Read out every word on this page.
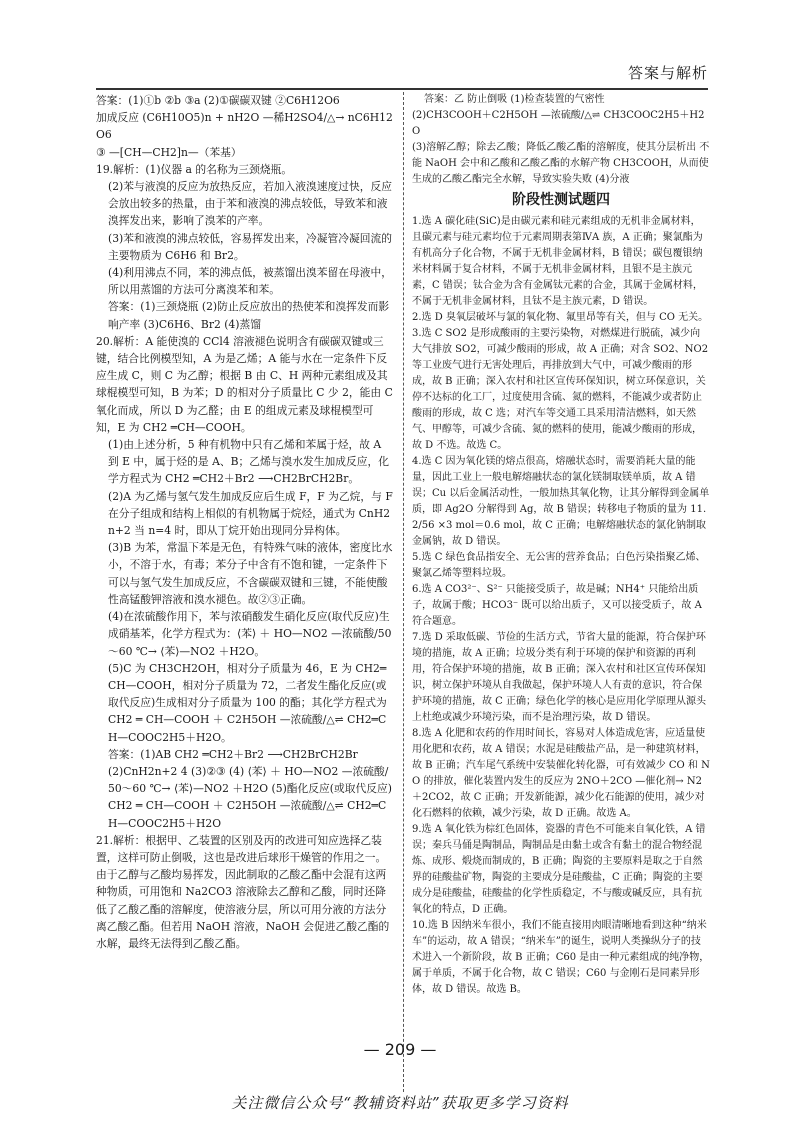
答案与解析

答案：(1)①b ②b ③a (2)①碳碳双键 ②C6H12O6

加成反应 (C6H10O5)n + nH2O —稀H2SO4/△→ nC6H12O6

③ —[CH—CH2]n—（苯基）

19.解析：(1)仪器 a 的名称为三颈烧瓶。

(2)苯与液溴的反应为放热反应，若加入液溴速度过快，反应会放出较多的热量，由于苯和液溴的沸点较低，导致苯和液溴挥发出来，影响了溴苯的产率。

(3)苯和液溴的沸点较低，容易挥发出来，冷凝管冷凝回流的主要物质为 C6H6 和 Br2。

(4)利用沸点不同，苯的沸点低，被蒸馏出溴苯留在母液中，所以用蒸馏的方法可分离溴苯和苯。

答案：(1)三颈烧瓶 (2)防止反应放出的热使苯和溴挥发而影响产率 (3)C6H6、Br2 (4)蒸馏

20.解析：A 能使溴的 CCl4 溶液褪色说明含有碳碳双键或三键，结合比例模型知，A 为是乙烯；A 能与水在一定条件下反应生成 C，则 C 为乙醇；根据 B 由 C、H 两种元素组成及其球棍模型可知，B 为苯；D 的相对分子质量比 C 少 2，能由 C 氧化而成，所以 D 为乙醛；由 E 的组成元素及球棍模型可知，E 为 CH2 ═CH—COOH。

(1)由上述分析，5 种有机物中只有乙烯和苯属于烃，故 A 到 E 中，属于烃的是 A、B；乙烯与溴水发生加成反应，化学方程式为 CH2 ═CH2＋Br2 ⟶CH2BrCH2Br。

(2)A 为乙烯与氢气发生加成反应后生成 F，F 为乙烷，与 F 在分子组成和结构上相似的有机物属于烷烃，通式为 CnH2n+2 当 n=4 时，即从丁烷开始出现同分异构体。

(3)B 为苯，常温下苯是无色，有特殊气味的液体，密度比水小，不溶于水，有毒；苯分子中含有不饱和键，一定条件下可以与氢气发生加成反应，不含碳碳双键和三键，不能使酸性高锰酸钾溶液和溴水褪色。故②③正确。

(4)在浓硫酸作用下，苯与浓硝酸发生硝化反应(取代反应)生成硝基苯，化学方程式为：⟨苯⟩ ＋ HO—NO2 —浓硫酸/50～60 ℃→ ⟨苯⟩—NO2 ＋H2O。

(5)C 为 CH3CH2OH，相对分子质量为 46，E 为 CH2═CH—COOH，相对分子质量为 72，二者发生酯化反应(或取代反应)生成相对分子质量为 100 的酯；其化学方程式为 CH2 ═ CH—COOH ＋ C2H5OH —浓硫酸/△⇌ CH2═CH—COOC2H5＋H2O。

答案：(1)AB CH2 ═CH2＋Br2 ⟶CH2BrCH2Br

(2)CnH2n+2 4 (3)②③ (4) ⟨苯⟩ ＋ HO—NO2 —浓硫酸/50～60 ℃→ ⟨苯⟩—NO2 ＋H2O (5)酯化反应(或取代反应) CH2 ═ CH—COOH ＋ C2H5OH —浓硫酸/△⇌ CH2═CH—COOC2H5＋H2O

21.解析：根据甲、乙装置的区别及丙的改进可知应选择乙装置，这样可防止倒吸，这也是改进后球形干燥管的作用之一。由于乙醇与乙酸均易挥发，因此制取的乙酸乙酯中会混有这两种物质，可用饱和 Na2CO3 溶液除去乙醇和乙酸，同时还降低了乙酸乙酯的溶解度，使溶液分层，所以可用分液的方法分离乙酸乙酯。但若用 NaOH 溶液，NaOH 会促进乙酸乙酯的水解，最终无法得到乙酸乙酯。

答案：乙 防止倒吸 (1)检查装置的气密性

(2)CH3COOH＋C2H5OH —浓硫酸/△⇌ CH3COOC2H5＋H2O

(3)溶解乙醇；除去乙酸；降低乙酸乙酯的溶解度，使其分层析出 不能 NaOH 会中和乙酸和乙酸乙酯的水解产物 CH3COOH，从而使生成的乙酸乙酯完全水解，导致实验失败 (4)分液

阶段性测试题四

1.选 A 碳化硅(SiC)是由碳元素和硅元素组成的无机非金属材料，且碳元素与硅元素均位于元素周期表第ⅣA 族，A 正确；聚氯酯为有机高分子化合物，不属于无机非金属材料，B 错误；碳包覆银纳米材料属于复合材料，不属于无机非金属材料，且银不是主族元素，C 错误；钛合金为含有金属钛元素的合金，其属于金属材料，不属于无机非金属材料，且钛不是主族元素，D 错误。

2.选 D 臭氧层破坏与氯的氧化物、氟里昂等有关，但与 CO 无关。

3.选 C SO2 是形成酸雨的主要污染物，对燃煤进行脱硫，减少向大气排放 SO2，可减少酸雨的形成，故 A 正确；对含 SO2、NO2 等工业废气进行无害处理后，再排放到大气中，可减少酸雨的形成，故 B 正确；深入农村和社区宣传环保知识，树立环保意识，关停不达标的化工厂，过度使用含硫、氮的燃料，不能减少或者防止酸雨的形成，故 C 选；对汽车等交通工具采用清洁燃料，如天然气、甲醇等，可减少含硫、氮的燃料的使用，能减少酸雨的形成，故 D 不选。故选 C。

4.选 C 因为氧化镁的熔点很高，熔融状态时，需要消耗大量的能量，因此工业上一般电解熔融状态的氯化镁制取镁单质，故 A 错误；Cu 以后金属活动性，一般加热其氧化物，让其分解得到金属单质，即 Ag2O 分解得到 Ag，故 B 错误；转移电子物质的量为 11.2/56 ×3 mol＝0.6 mol，故 C 正确；电解熔融状态的氯化钠制取金属钠，故 D 错误。

5.选 C 绿色食品指安全、无公害的营养食品；白色污染指聚乙烯、聚氯乙烯等塑料垃圾。

6.选 A CO3²⁻、S²⁻ 只能接受质子，故是碱；NH4⁺ 只能给出质子，故属于酸；HCO3⁻ 既可以给出质子，又可以接受质子，故 A 符合题意。

7.选 D 采取低碳、节俭的生活方式，节省大量的能源，符合保护环境的措施，故 A 正确；垃圾分类有利于环境的保护和资源的再利用，符合保护环境的措施，故 B 正确；深入农村和社区宣传环保知识，树立保护环境从自我做起，保护环境人人有责的意识，符合保护环境的措施，故 C 正确；绿色化学的核心是应用化学原理从源头上杜绝或减少环境污染，而不是治理污染，故 D 错误。

8.选 A 化肥和农药的作用时间长，容易对人体造成危害，应适量使用化肥和农药，故 A 错误；水泥是硅酸盐产品，是一种建筑材料，故 B 正确；汽车尾气系统中安装催化转化器，可有效减少 CO 和 NO 的排放，催化装置内发生的反应为 2NO＋2CO —催化剂→ N2＋2CO2，故 C 正确；开发新能源，减少化石能源的使用，减少对化石燃料的依赖，减少污染，故 D 正确。故选 A。

9.选 A 氧化铁为棕红色固体，瓷器的青色不可能来自氧化铁，A 错误；秦兵马俑是陶制品，陶制品是由黏土或含有黏土的混合物经混炼、成形、煅烧而制成的，B 正确；陶瓷的主要原料是取之于自然界的硅酸盐矿物，陶瓷的主要成分是硅酸盐，C 正确；陶瓷的主要成分是硅酸盐，硅酸盐的化学性质稳定，不与酸或碱反应，具有抗氧化的特点，D 正确。

10.选 B 因纳米车很小，我们不能直接用肉眼清晰地看到这种“纳米车”的运动，故 A 错误；“纳米车”的诞生，说明人类操纵分子的技术进入一个新阶段，故 B 正确；C60 是由一种元素组成的纯净物，属于单质，不属于化合物，故 C 错误；C60 与金刚石是同素异形体，故 D 错误。故选 B。

— 209 —
关注微信公众号“教辅资料站”获取更多学习资料
